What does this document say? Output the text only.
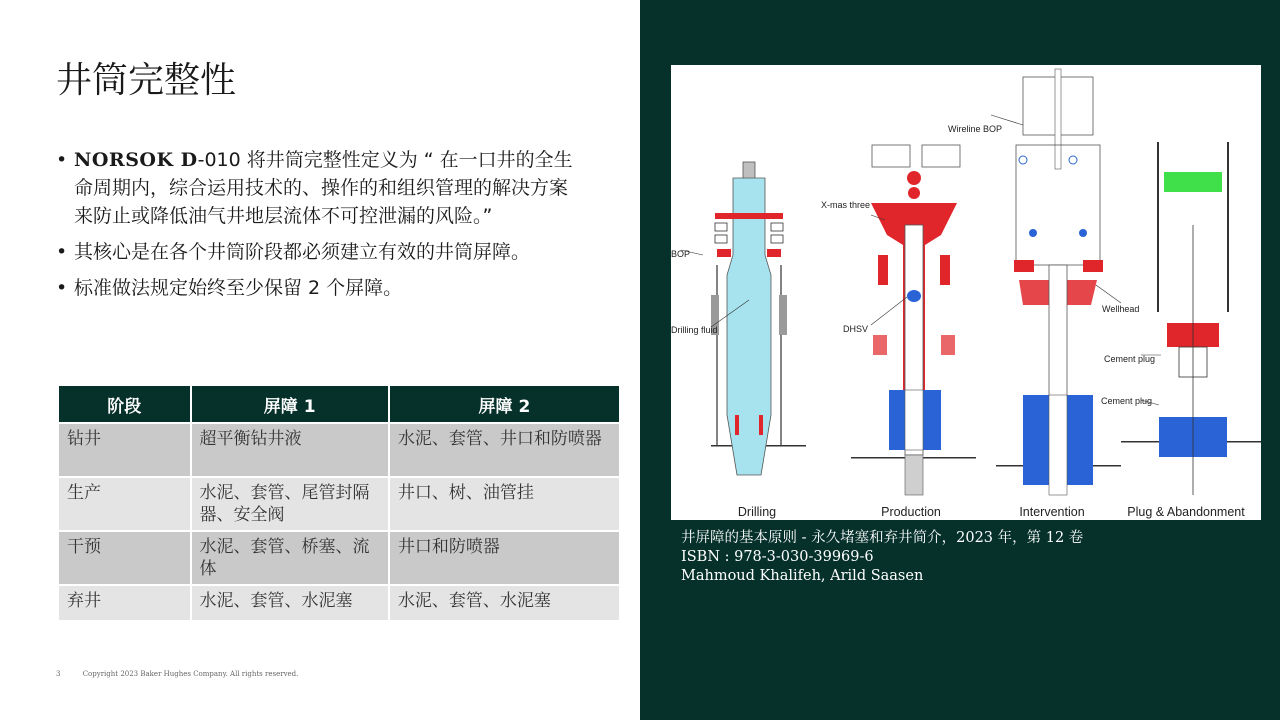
井筒完整性
• NORSOK D-010 将井筒完整性定义为 “ 在一口井的全生命周期内，综合运用技术的、操作的和组织管理的解决方案来防止或降低油气井地层流体不可控泄漏的风险。”
• 其核心是在各个井筒阶段都必须建立有效的井筒屏障。
• 标准做法规定始终至少保留 2 个屏障。
阶段	屏障 1	屏障 2
钻井	超平衡钻井液	水泥、套管、井口和防喷器
生产	水泥、套管、尾管封隔器、安全阀	井口、树、油管挂
干预	水泥、套管、桥塞、流体	井口和防喷器
弃井	水泥、套管、水泥塞	水泥、套管、水泥塞
3	Copyright 2023 Baker Hughes Company. All rights reserved.
BOP
Drilling fluid
X-mas three
DHSV
Wireline BOP
Wellhead
Cement plug
Cement plug
Drilling	Production	Intervention	Plug & Abandonment
井屏障的基本原则 - 永久堵塞和弃井简介，2023 年，第 12 卷
ISBN : 978-3-030-39969-6
Mahmoud Khalifeh, Arild Saasen
